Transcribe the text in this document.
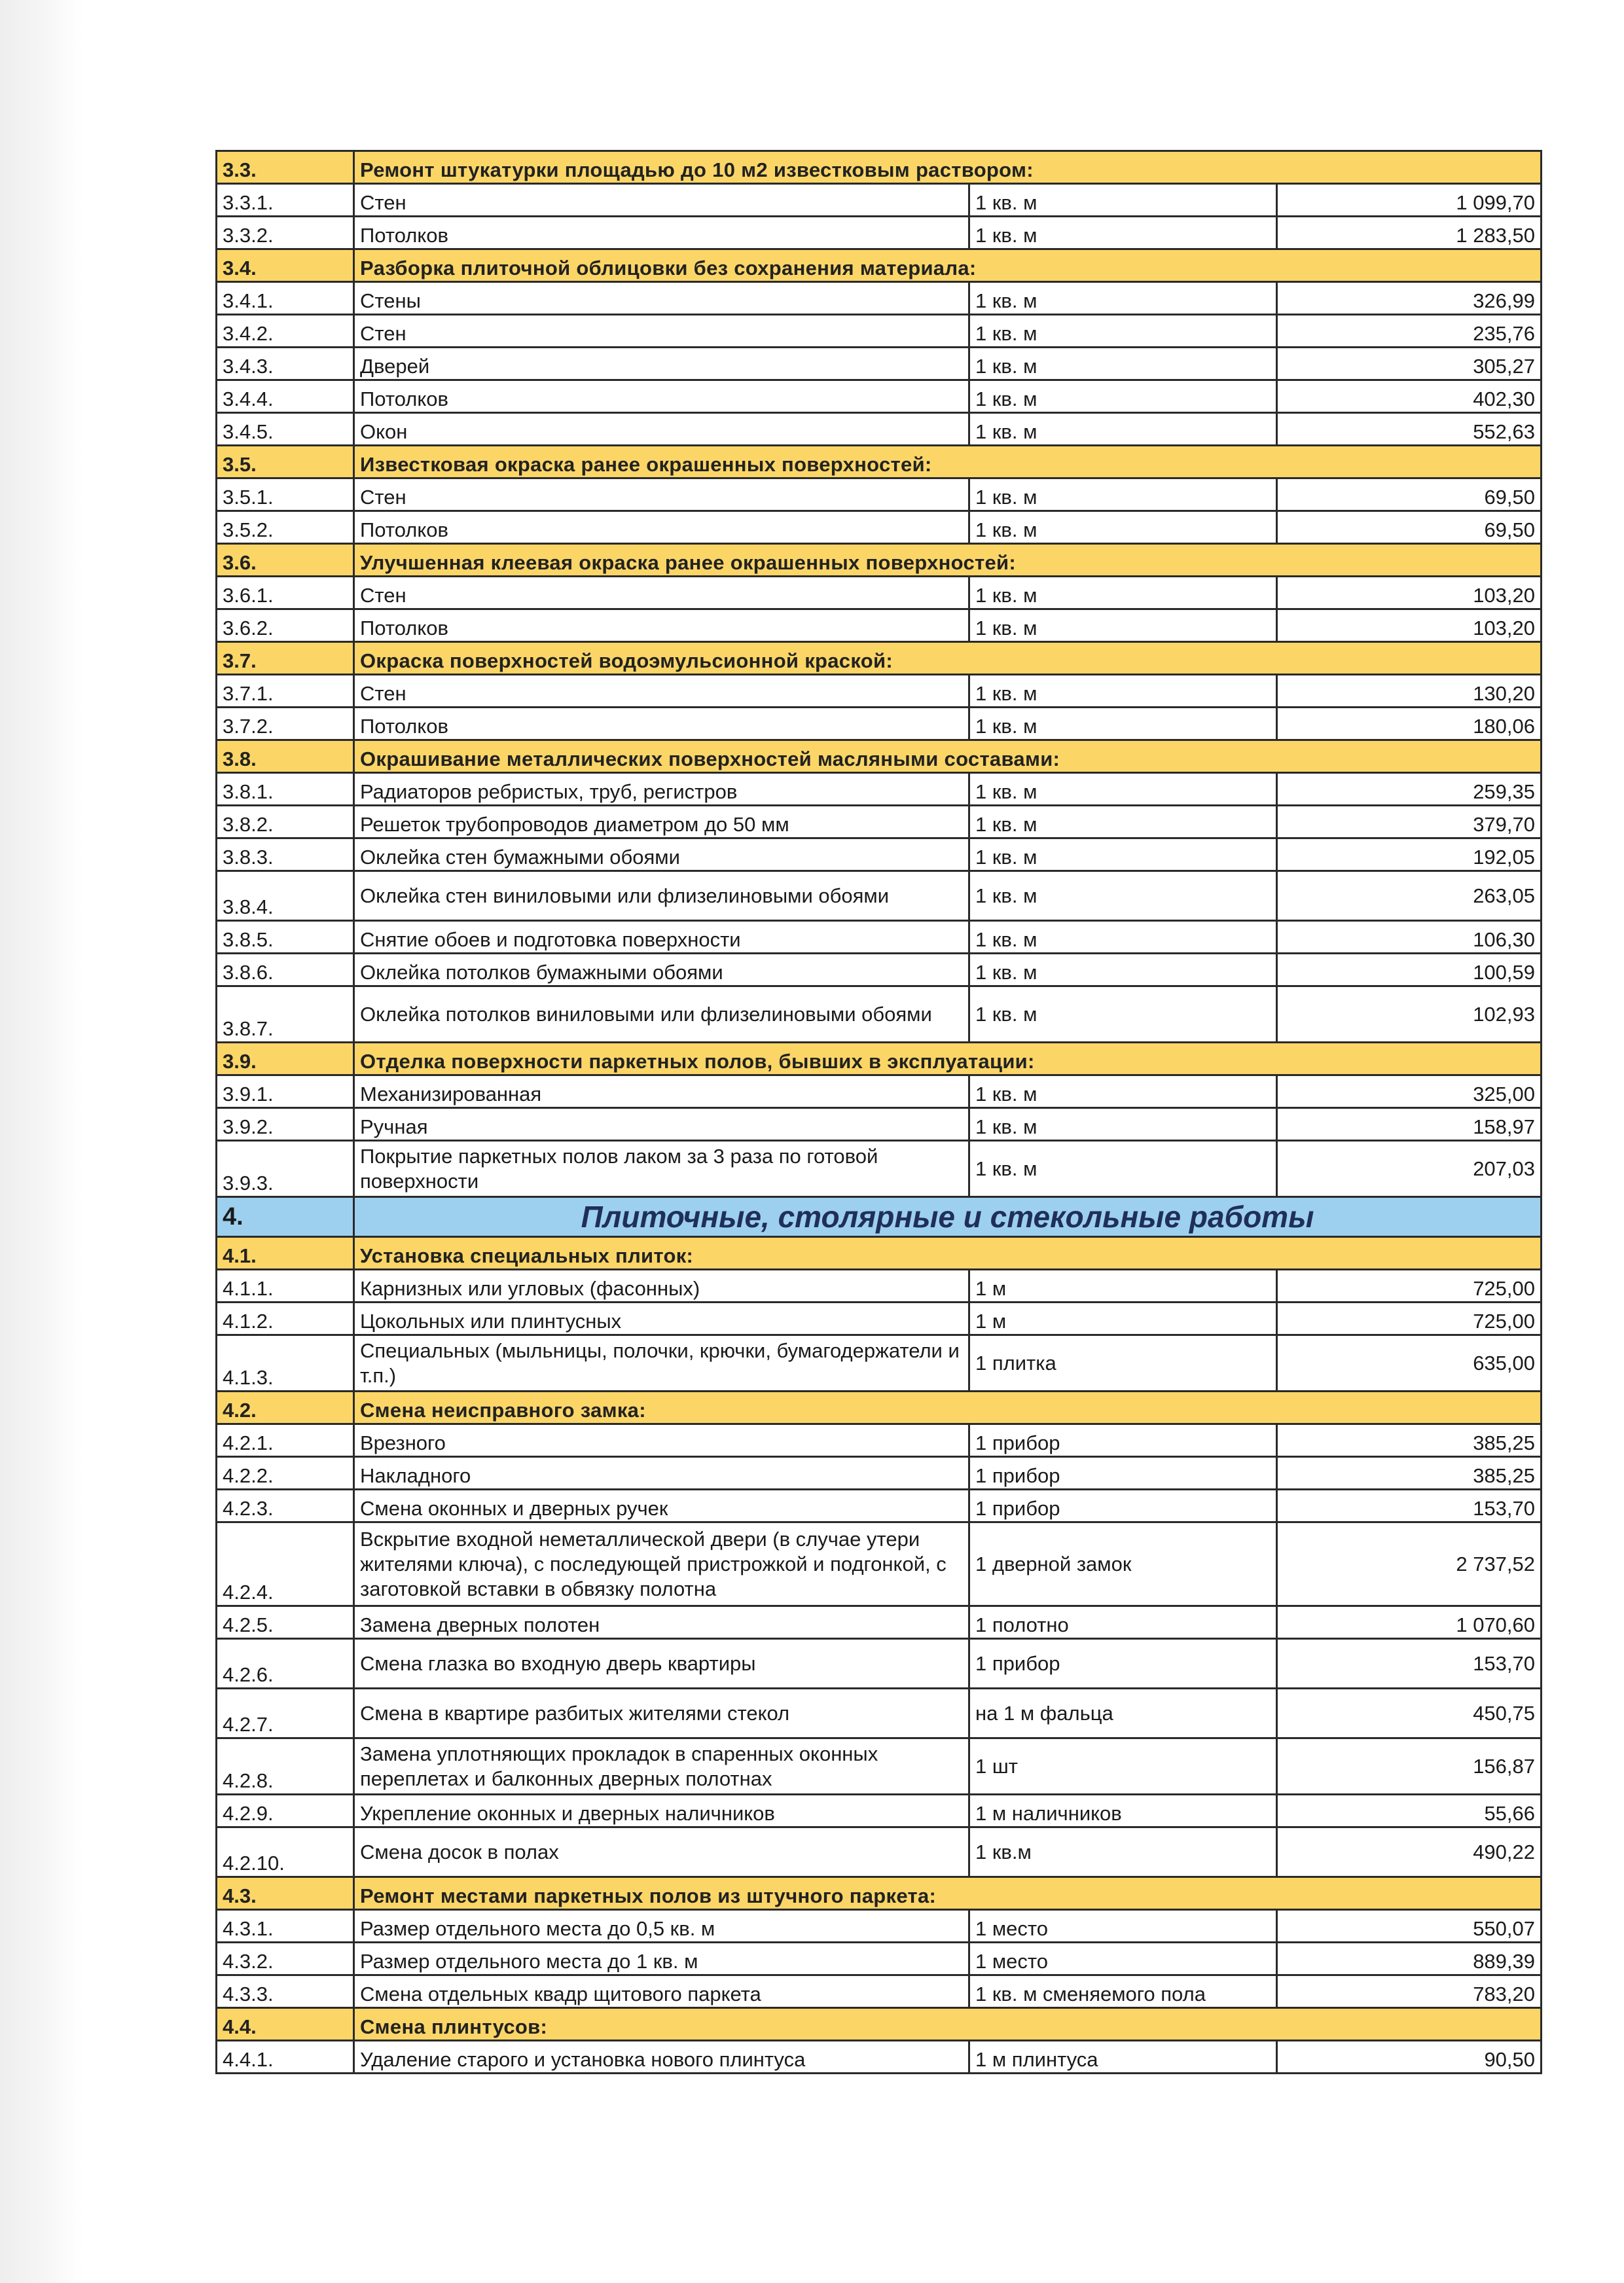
3.3.	Ремонт штукатурки площадью до 10 м2 известковым раствором:		
3.3.1.	Стен	1 кв. м	1 099,70
3.3.2.	Потолков	1 кв. м	1 283,50
3.4.	Разборка плиточной облицовки без сохранения материала:		
3.4.1.	Стены	1 кв. м	326,99
3.4.2.	Стен	1 кв. м	235,76
3.4.3.	Дверей	1 кв. м	305,27
3.4.4.	Потолков	1 кв. м	402,30
3.4.5.	Окон	1 кв. м	552,63
3.5.	Известковая окраска ранее окрашенных поверхностей:		
3.5.1.	Стен	1 кв. м	69,50
3.5.2.	Потолков	1 кв. м	69,50
3.6.	Улучшенная клеевая окраска ранее окрашенных поверхностей:		
3.6.1.	Стен	1 кв. м	103,20
3.6.2.	Потолков	1 кв. м	103,20
3.7.	Окраска поверхностей водоэмульсионной краской:		
3.7.1.	Стен	1 кв. м	130,20
3.7.2.	Потолков	1 кв. м	180,06
3.8.	Окрашивание металлических поверхностей масляными составами:		
3.8.1.	Радиаторов ребристых, труб, регистров	1 кв. м	259,35
3.8.2.	Решеток трубопроводов диаметром до 50 мм	1 кв. м	379,70
3.8.3.	Оклейка стен бумажными обоями	1 кв. м	192,05
3.8.4.	Оклейка стен виниловыми или флизелиновыми обоями	1 кв. м	263,05
3.8.5.	Снятие обоев и подготовка поверхности	1 кв. м	106,30
3.8.6.	Оклейка потолков бумажными обоями	1 кв. м	100,59
3.8.7.	Оклейка потолков виниловыми или флизелиновыми обоями	1 кв. м	102,93
3.9.	Отделка поверхности паркетных полов, бывших в эксплуатации:		
3.9.1.	Механизированная	1 кв. м	325,00
3.9.2.	Ручная	1 кв. м	158,97
3.9.3.	Покрытие паркетных полов лаком за 3 раза по готовой поверхности	1 кв. м	207,03
4.	Плиточные, столярные и стекольные работы		
4.1.	Установка специальных плиток:		
4.1.1.	Карнизных или угловых (фасонных)	1 м	725,00
4.1.2.	Цокольных или плинтусных	1 м	725,00
4.1.3.	Специальных (мыльницы, полочки, крючки, бумагодержатели и т.п.)	1 плитка	635,00
4.2.	Смена неисправного замка:		
4.2.1.	Врезного	1 прибор	385,25
4.2.2.	Накладного	1 прибор	385,25
4.2.3.	Смена оконных и дверных ручек	1 прибор	153,70
4.2.4.	Вскрытие входной неметаллической двери (в случае утери жителями ключа), с последующей пристрожкой и подгонкой, с заготовкой вставки в обвязку полотна	1 дверной замок	2 737,52
4.2.5.	Замена дверных полотен	1 полотно	1 070,60
4.2.6.	Смена глазка во входную дверь квартиры	1 прибор	153,70
4.2.7.	Смена в квартире разбитых жителями стекол	на 1 м фальца	450,75
4.2.8.	Замена уплотняющих прокладок в спаренных оконных переплетах и балконных дверных полотнах	1 шт	156,87
4.2.9.	Укрепление оконных и дверных наличников	1 м наличников	55,66
4.2.10.	Смена досок в полах	1 кв.м	490,22
4.3.	Ремонт местами паркетных полов из штучного паркета:		
4.3.1.	Размер отдельного места до 0,5 кв. м	1 место	550,07
4.3.2.	Размер отдельного места до 1 кв. м	1 место	889,39
4.3.3.	Смена отдельных квадр щитового паркета	1 кв. м сменяемого пола	783,20
4.4.	Смена плинтусов:		
4.4.1.	Удаление старого и установка нового плинтуса	1 м плинтуса	90,50
